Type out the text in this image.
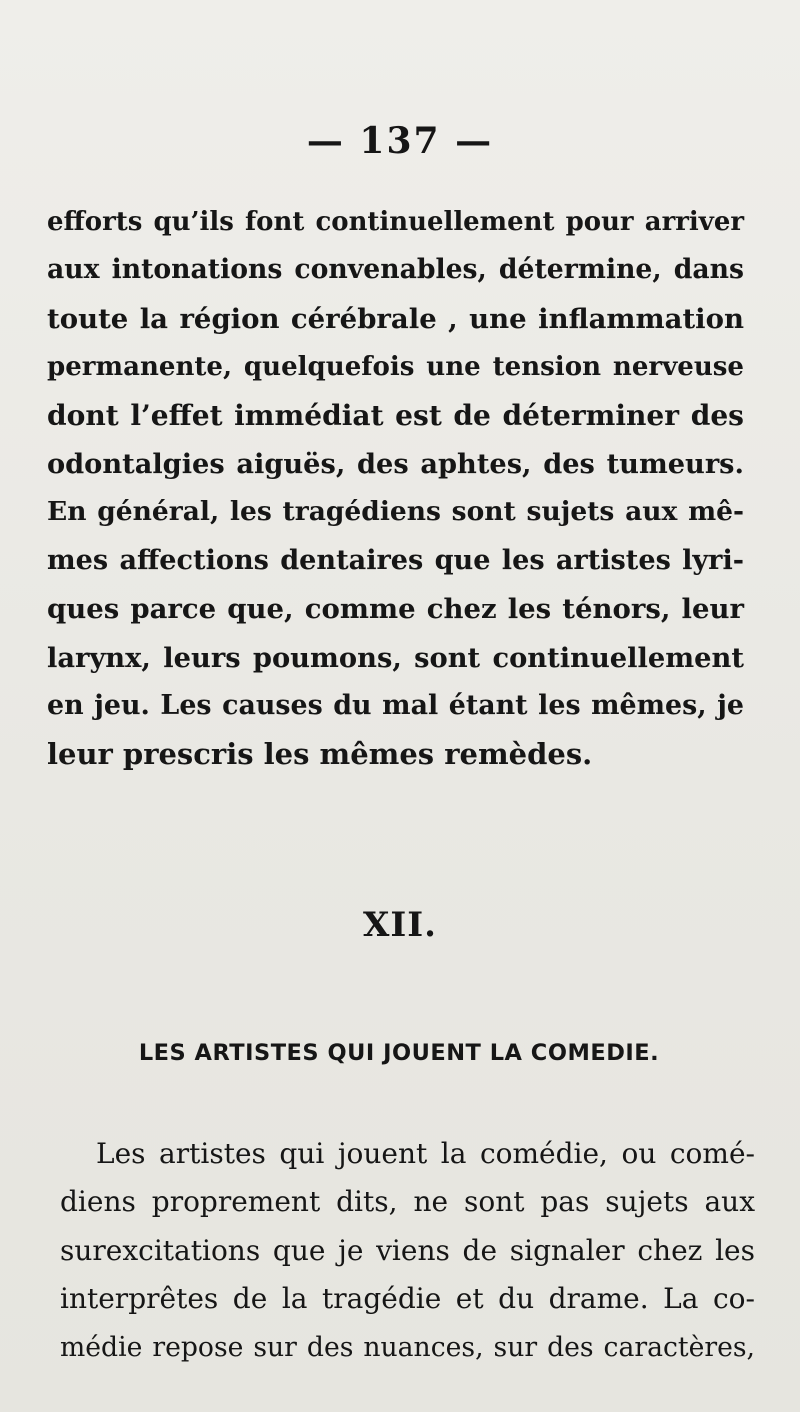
— 137 —
efforts qu’ils font continuellement pour arriver
aux intonations convenables, détermine, dans
toute la région cérébrale , une inflammation
permanente, quelquefois une tension nerveuse
dont l’effet immédiat est de déterminer des
odontalgies aiguës, des aphtes, des tumeurs.
En général, les tragédiens sont sujets aux mê-
mes affections dentaires que les artistes lyri-
ques parce que, comme chez les ténors, leur
larynx, leurs poumons, sont continuellement
en jeu. Les causes du mal étant les mêmes, je
leur prescris les mêmes remèdes.
XII.
LES ARTISTES QUI JOUENT LA COMEDIE.
Les artistes qui jouent la comédie, ou comé-
diens proprement dits, ne sont pas sujets aux
surexcitations que je viens de signaler chez les
interprêtes de la tragédie et du drame. La co-
médie repose sur des nuances, sur des caractères,
